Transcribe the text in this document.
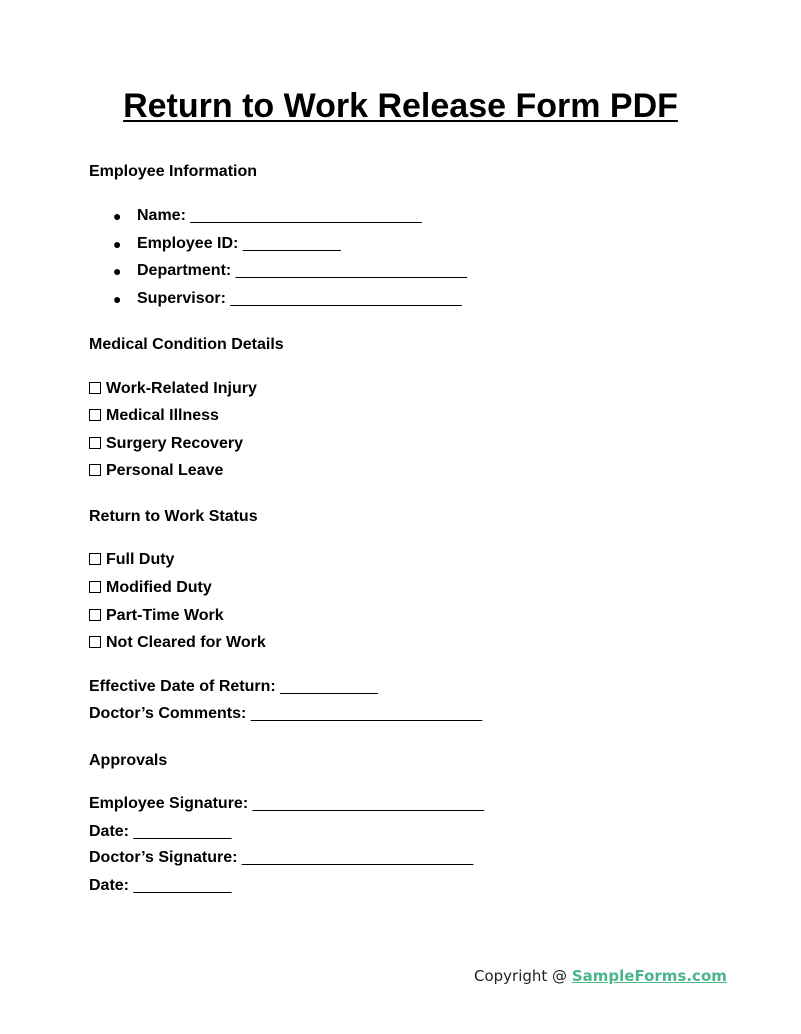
Return to Work Release Form PDF
Employee Information
● Name: __________________________
● Employee ID: ___________
● Department: __________________________
● Supervisor: __________________________
Medical Condition Details
Work-Related Injury
Medical Illness
Surgery Recovery
Personal Leave
Return to Work Status
Full Duty
Modified Duty
Part-Time Work
Not Cleared for Work
Effective Date of Return: ___________
Doctor’s Comments: __________________________
Approvals
Employee Signature: __________________________
Date: ___________
Doctor’s Signature: __________________________
Date: ___________
Copyright @ SampleForms.com
